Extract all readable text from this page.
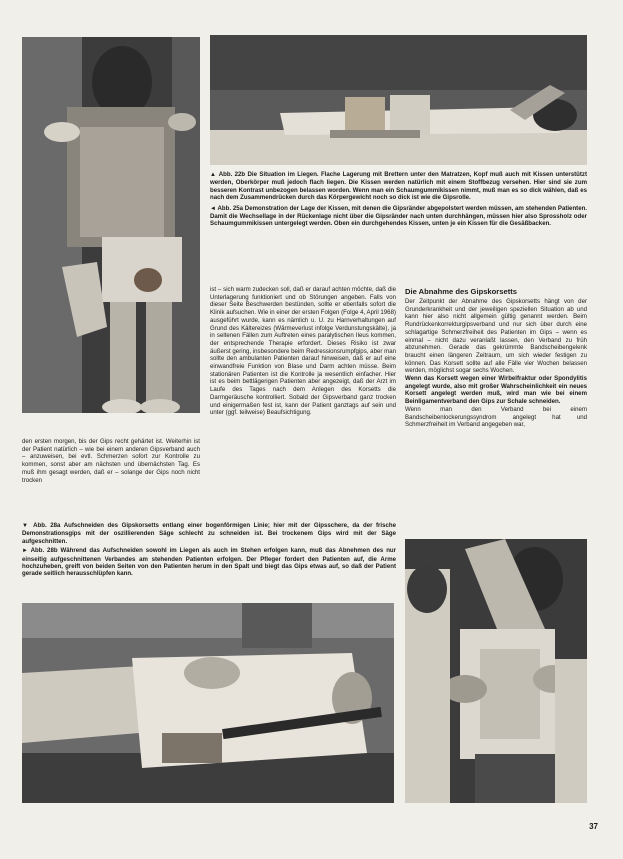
▲ Abb. 22b Die Situation im Liegen. Flache Lagerung mit Brettern unter den Matratzen, Kopf muß auch mit Kissen unterstützt werden, Oberkörper muß jedoch flach liegen. Die Kissen werden natürlich mit einem Stoffbezug versehen. Hier sind sie zum besseren Kontrast unbezogen belassen worden. Wenn man ein Schaumgummikissen nimmt, muß man es so dick wählen, daß es nach dem Zusammendrücken durch das Körpergewicht noch so dick ist wie die Gipsrolle.

◄ Abb. 25a Demonstration der Lage der Kissen, mit denen die Gipsränder abgepolstert werden müssen, am stehenden Patienten. Damit die Wechsellage in der Rückenlage nicht über die Gipsränder nach unten durchhängen, müssen hier also Sprossholz oder Schaumgummikissen untergelegt werden. Oben ein durchgehendes Kissen, unten je ein Kissen für die Gesäßbacken.

ist – sich warm zudecken soll, daß er darauf achten möchte, daß die Unterlagerung funktioniert und ob Störungen angeben. Falls von dieser Seite Beschwerden bestünden, sollte er ebenfalls sofort die Klinik aufsuchen. Wie in einer der ersten Folgen (Folge 4, April 1968) ausgeführt wurde, kann es nämlich u. U. zu Harnverhaltungen auf Grund des Kältereizes (Wärmeverlust infolge Verdunstungskälte), ja in seltenen Fällen zum Auftreten eines paralytischen Ileus kommen, der entsprechende Therapie erfordert. Dieses Risiko ist zwar äußerst gering, insbesondere beim Redressionsrumpfgips, aber man sollte den ambulanten Patienten darauf hinweisen, daß er auf eine einwandfreie Funktion von Blase und Darm achten müsse. Beim stationären Patienten ist die Kontrolle ja wesentlich einfacher. Hier ist es beim bettlägerigen Patienten aber angezeigt, daß der Arzt im Laufe des Tages nach dem Anlegen des Korsetts die Darmgeräusche kontrolliert. Sobald der Gipsverband ganz trocken und einigermaßen fest ist, kann der Patient ganztags auf sein und unter (ggf. teilweise) Beaufsichtigung.

Die Abnahme des Gipskorsetts

Der Zeitpunkt der Abnahme des Gipskorsetts hängt von der Grunderkrankheit und der jeweiligen speziellen Situation ab und kann hier also nicht allgemein gültig genannt werden. Beim Rundrückenkorrekturgipsverband und nur sich über durch eine schlagartige Schmerzfreiheit des Patienten im Gips – wenn es einmal – nicht dazu veranlaßt lassen, den Verband zu früh abzunehmen. Gerade das gekrümmte Bandscheibengelenk braucht einen längeren Zeitraum, um sich wieder festigen zu können. Das Korsett sollte auf alle Fälle vier Wochen belassen werden, möglichst sogar sechs Wochen.

Wenn das Korsett wegen einer Wirbelfraktur oder Spondylitis angelegt wurde, also mit großer Wahrscheinlichkeit ein neues Korsett angelegt werden muß, wird man wie bei einem Beinligamentverband den Gips zur Schale schneiden.

Wenn man den Verband bei einem Bandscheibenlockerungssyndrom angelegt hat und Schmerzfreiheit im Verband angegeben war,

den ersten morgen, bis der Gips recht gehärtet ist. Weiterhin ist der Patient natürlich – wie bei einem anderen Gipsverband auch – anzuweisen, bei evtl. Schmerzen sofort zur Kontrolle zu kommen, sonst aber am nächsten und übernächsten Tag. Es muß ihm gesagt werden, daß er – solange der Gips noch nicht trocken

▼ Abb. 28a Aufschneiden des Gipskorsetts entlang einer bogenförmigen Linie; hier mit der Gipsschere, da der frische Demonstrationsgips mit der oszillierenden Säge schlecht zu schneiden ist. Bei trockenem Gips wird mit der Säge aufgeschnitten.

► Abb. 28b Während das Aufschneiden sowohl im Liegen als auch im Stehen erfolgen kann, muß das Abnehmen des nur einseitig aufgeschnittenen Verbandes am stehenden Patienten erfolgen. Der Pfleger fordert den Patienten auf, die Arme hochzuheben, greift von beiden Seiten von den Patienten herum in den Spalt und biegt das Gips etwas auf, so daß der Patient gerade seitlich herausschlüpfen kann.

37
